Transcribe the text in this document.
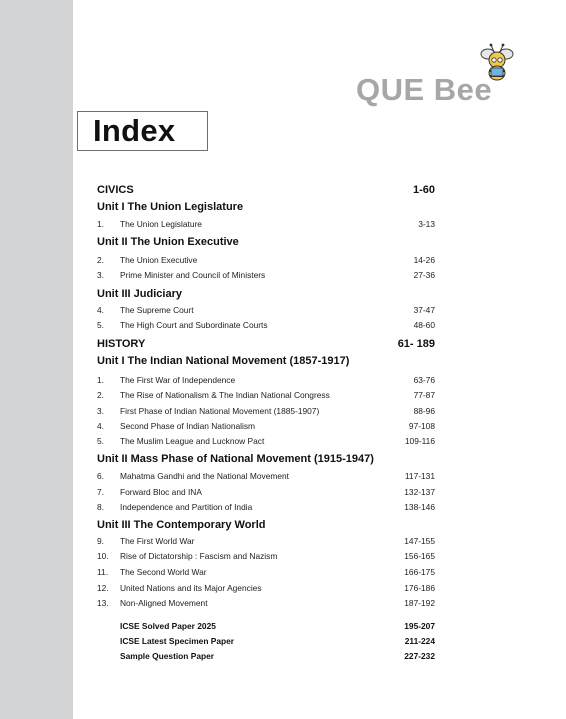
QUE Bee
Index
CIVICS	1-60
Unit I The Union Legislature
1.	The Union Legislature	3-13
Unit II The Union Executive
2.	The Union Executive	14-26
3.	Prime Minister and Council of Ministers	27-36
Unit III Judiciary
4.	The Supreme Court	37-47
5.	The High Court and Subordinate Courts	48-60
HISTORY	61- 189
Unit I The Indian National Movement (1857-1917)
1.	The First War of Independence	63-76
2.	The Rise of Nationalism & The Indian National Congress	77-87
3.	First Phase of Indian National Movement (1885-1907)	88-96
4.	Second Phase of Indian Nationalism	97-108
5.	The Muslim League and Lucknow Pact	109-116
Unit II Mass Phase of National Movement (1915-1947)
6.	Mahatma Gandhi and the National Movement	117-131
7.	Forward Bloc and INA	132-137
8.	Independence and Partition of India	138-146
Unit III The Contemporary World
9.	The First World War	147-155
10.	Rise of Dictatorship : Fascism and Nazism	156-165
11.	The Second World War	166-175
12.	United Nations and its Major Agencies	176-186
13.	Non-Aligned Movement	187-192
ICSE Solved Paper 2025	195-207
ICSE Latest Specimen Paper	211-224
Sample Question Paper	227-232
